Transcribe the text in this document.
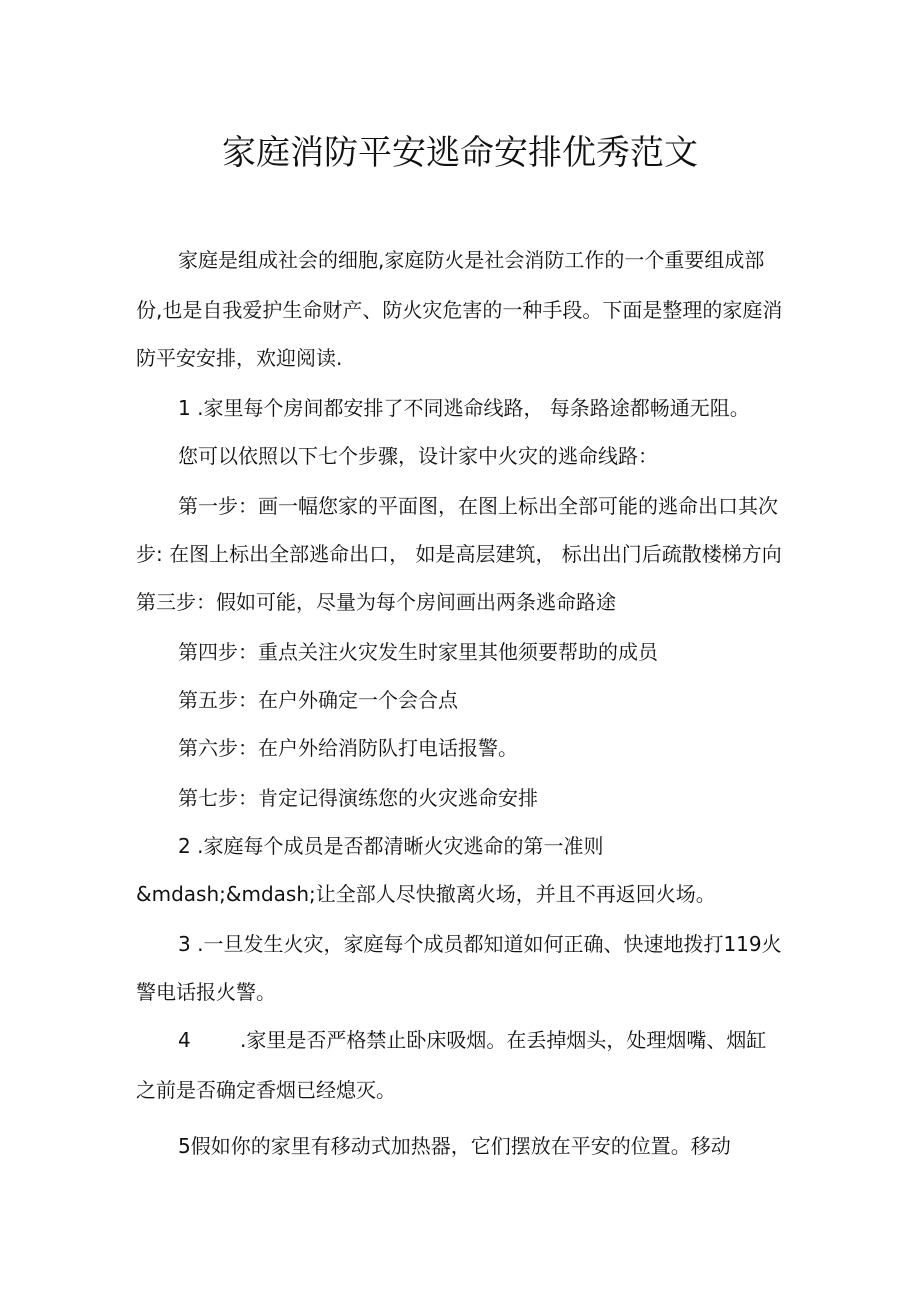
家庭消防平安逃命安排优秀范文
家庭是组成社会的细胞,家庭防火是社会消防工作的一个重要组成部
份,也是自我爱护生命财产、防火灾危害的一种手段。下面是整理的家庭消
防平安安排，欢迎阅读.
1 .家里每个房间都安排了不同逃命线路， 每条路途都畅通无阻。
您可以依照以下七个步骤，设计家中火灾的逃命线路：
第一步：画一幅您家的平面图，在图上标出全部可能的逃命出口其次
步: 在图上标出全部逃命出口， 如是高层建筑， 标出出门后疏散楼梯方向
第三步：假如可能，尽量为每个房间画出两条逃命路途
第四步：重点关注火灾发生时家里其他须要帮助的成员
第五步：在户外确定一个会合点
第六步：在户外给消防队打电话报警。
第七步：肯定记得演练您的火灾逃命安排
2 .家庭每个成员是否都清晰火灾逃命的第一准则
&mdash;&mdash;让全部人尽快撤离火场，并且不再返回火场。
3 .一旦发生火灾，家庭每个成员都知道如何正确、快速地拨打119火
警电话报火警。
4 .家里是否严格禁止卧床吸烟。在丢掉烟头，处理烟嘴、烟缸
之前是否确定香烟已经熄灭。
5假如你的家里有移动式加热器，它们摆放在平安的位置。移动
